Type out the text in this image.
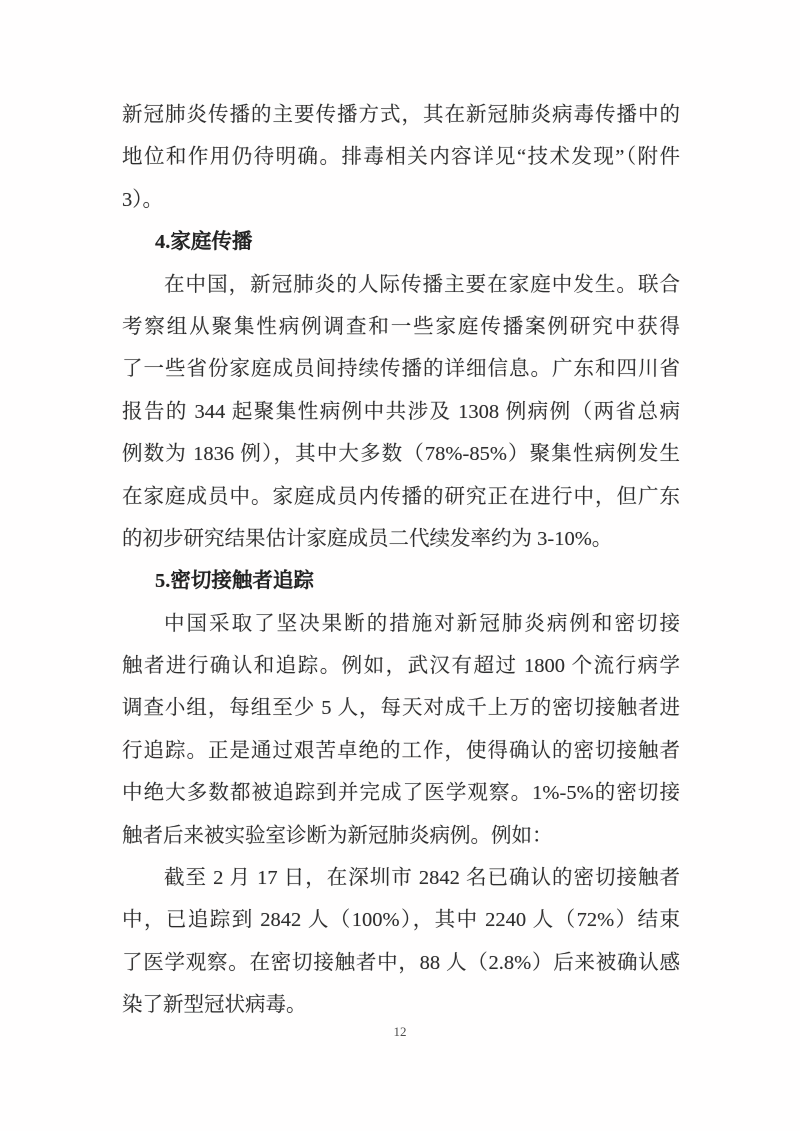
新冠肺炎传播的主要传播方式，其在新冠肺炎病毒传播中的
地位和作用仍待明确。排毒相关内容详见“技术发现”（附件
3）。
4.家庭传播
在中国，新冠肺炎的人际传播主要在家庭中发生。联合
考察组从聚集性病例调查和一些家庭传播案例研究中获得
了一些省份家庭成员间持续传播的详细信息。广东和四川省
报告的 344 起聚集性病例中共涉及 1308 例病例（两省总病
例数为 1836 例），其中大多数（78%-85%）聚集性病例发生
在家庭成员中。家庭成员内传播的研究正在进行中，但广东
的初步研究结果估计家庭成员二代续发率约为 3-10%。
5.密切接触者追踪
中国采取了坚决果断的措施对新冠肺炎病例和密切接
触者进行确认和追踪。例如，武汉有超过 1800 个流行病学
调查小组，每组至少 5 人，每天对成千上万的密切接触者进
行追踪。正是通过艰苦卓绝的工作，使得确认的密切接触者
中绝大多数都被追踪到并完成了医学观察。1%-5%的密切接
触者后来被实验室诊断为新冠肺炎病例。例如：
截至 2 月 17 日，在深圳市 2842 名已确认的密切接触者
中，已追踪到 2842 人（100%），其中 2240 人（72%）结束
了医学观察。在密切接触者中，88 人（2.8%）后来被确认感
染了新型冠状病毒。
12
